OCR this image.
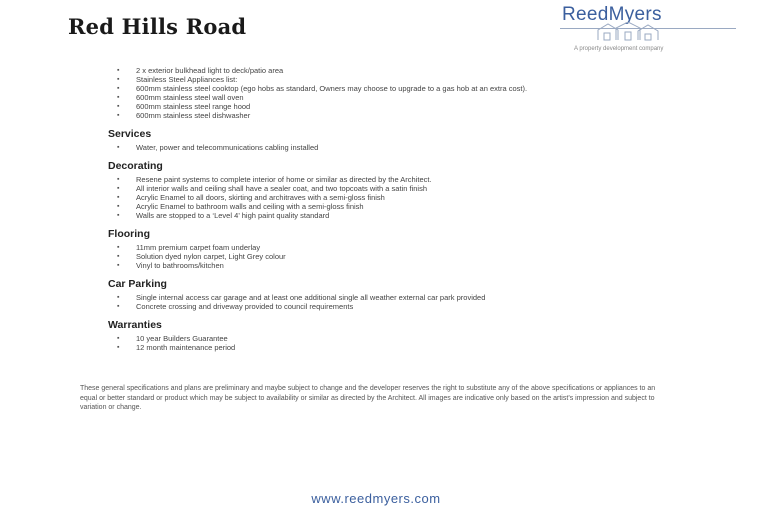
Red Hills Road	ReedMyers
A property development company
▪ 2 x exterior bulkhead light to deck/patio area
▪ Stainless Steel Appliances list:
▪ 600mm stainless steel cooktop (ego hobs as standard, Owners may choose to upgrade to a gas hob at an extra cost).
▪ 600mm stainless steel wall oven
▪ 600mm stainless steel range hood
▪ 600mm stainless steel dishwasher
Services
▪ Water, power and telecommunications cabling installed
Decorating
▪ Resene paint systems to complete interior of home or similar as directed by the Architect.
▪ All interior walls and ceiling shall have a sealer coat, and two topcoats with a satin finish
▪ Acrylic Enamel to all doors, skirting and architraves with a semi-gloss finish
▪ Acrylic Enamel to bathroom walls and ceiling with a semi-gloss finish
▪ Walls are stopped to a ‘Level 4’ high paint quality standard
Flooring
▪ 11mm premium carpet foam underlay
▪ Solution dyed nylon carpet, Light Grey colour
▪ Vinyl to bathrooms/kitchen
Car Parking
▪ Single internal access car garage and at least one additional single all weather external car park provided
▪ Concrete crossing and driveway provided to council requirements
Warranties
▪ 10 year Builders Guarantee
▪ 12 month maintenance period
These general specifications and plans are preliminary and maybe subject to change and the developer reserves the right to substitute any of the above specifications or appliances to an equal or better standard or product which may be subject to availability or similar as directed by the Architect. All images are indicative only based on the artist’s impression and subject to variation or change.
www.reedmyers.com
